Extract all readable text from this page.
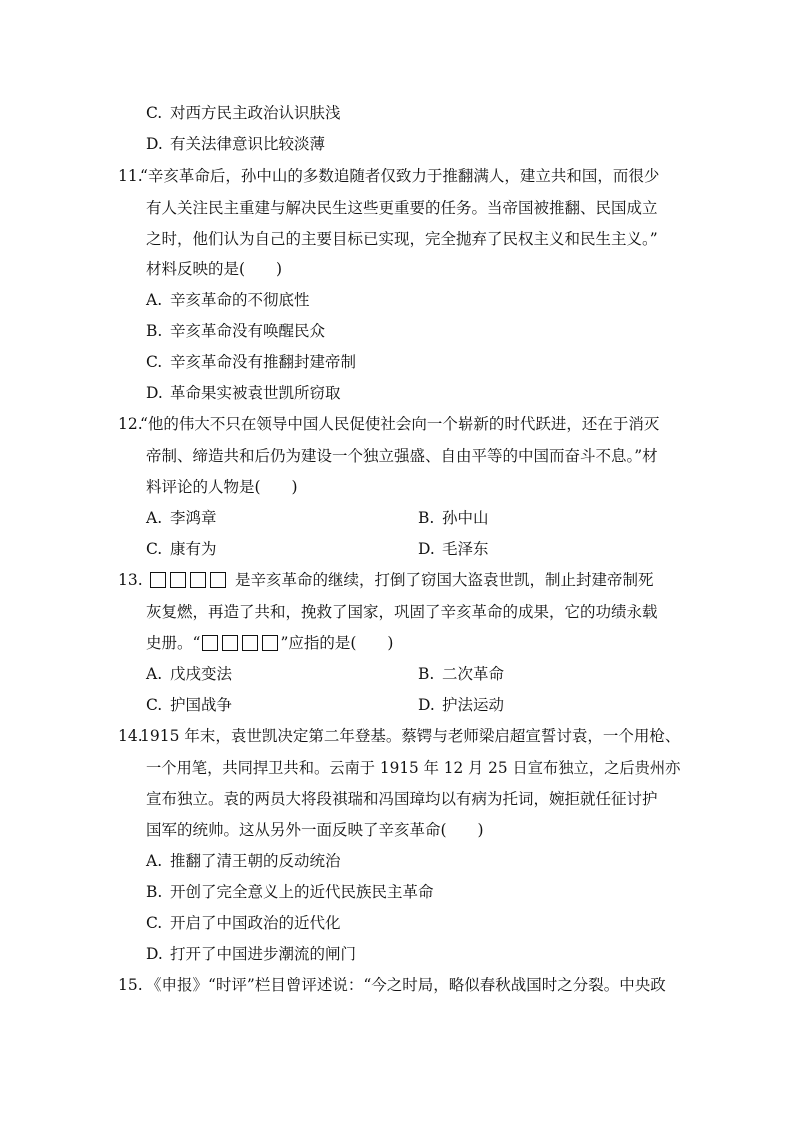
C. 对西方民主政治认识肤浅
D. 有关法律意识比较淡薄
11.
“辛亥革命后，孙中山的多数追随者仅致力于推翻满人，建立共和国，而很少
有人关注民主重建与解决民生这些更重要的任务。当帝国被推翻、民国成立
之时，他们认为自己的主要目标已实现，完全抛弃了民权主义和民生主义。”
材料反映的是(　　)
A. 辛亥革命的不彻底性
B. 辛亥革命没有唤醒民众
C. 辛亥革命没有推翻封建帝制
D. 革命果实被袁世凯所窃取
12.
“他的伟大不只在领导中国人民促使社会向一个崭新的时代跃进，还在于消灭
帝制、缔造共和后仍为建设一个独立强盛、自由平等的中国而奋斗不息。”材
料评论的人物是(　　)
A. 李鸿章	B. 孙中山
C. 康有为	D. 毛泽东
13.	是辛亥革命的继续，打倒了窃国大盗袁世凯，制止封建帝制死
灰复燃，再造了共和，挽救了国家，巩固了辛亥革命的成果，它的功绩永载
史册。“	”应指的是(　　)
A. 戊戌变法	B. 二次革命
C. 护国战争	D. 护法运动
14.
1915 年末，袁世凯决定第二年登基。蔡锷与老师梁启超宣誓讨袁，一个用枪、
一个用笔，共同捍卫共和。云南于 1915 年 12 月 25 日宣布独立，之后贵州亦
宣布独立。袁的两员大将段祺瑞和冯国璋均以有病为托词，婉拒就任征讨护
国军的统帅。这从另外一面反映了辛亥革命(　　)
A. 推翻了清王朝的反动统治
B. 开创了完全意义上的近代民族民主革命
C. 开启了中国政治的近代化
D. 打开了中国进步潮流的闸门
15. 《申报》“时评”栏目曾评述说：“今之时局，略似春秋战国时之分裂。中央政
